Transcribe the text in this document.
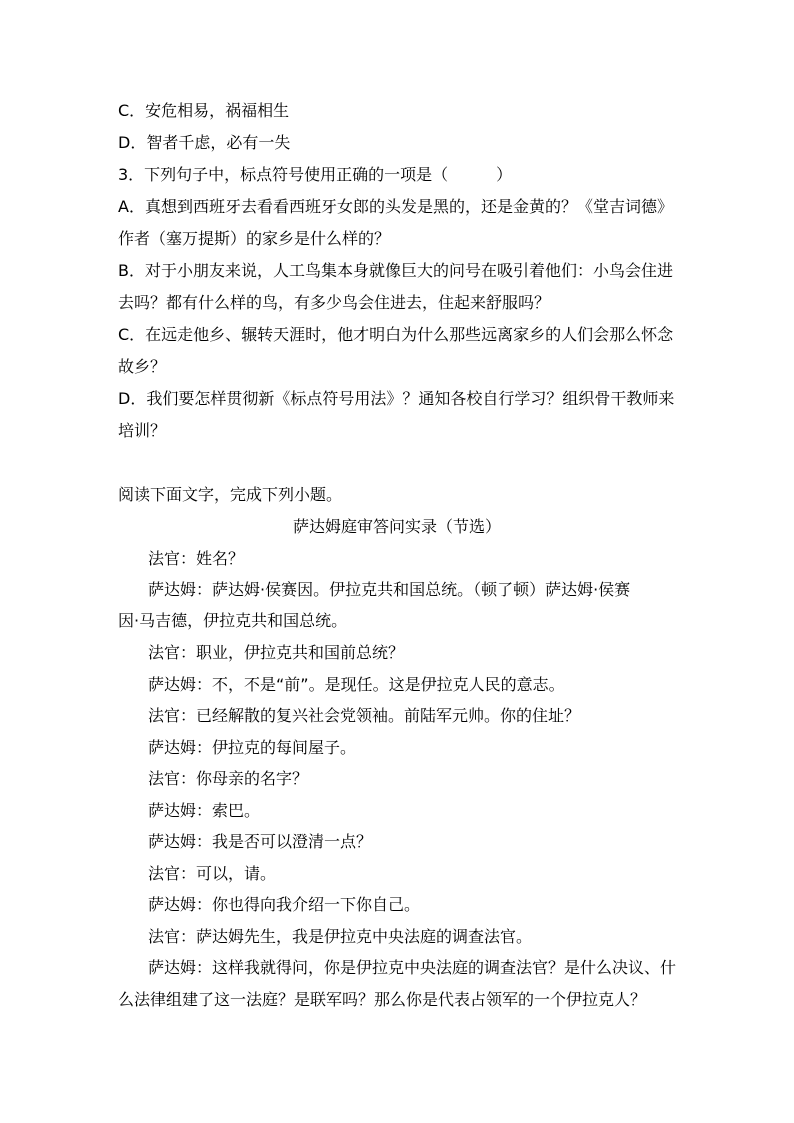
C．安危相易，祸福相生
D．智者千虑，必有一失
3．下列句子中，标点符号使用正确的一项是（　　　）
A．真想到西班牙去看看西班牙女郎的头发是黑的，还是金黄的？《堂吉词德》
作者（塞万提斯）的家乡是什么样的？
B．对于小朋友来说，人工鸟集本身就像巨大的问号在吸引着他们：小鸟会住进
去吗？都有什么样的鸟，有多少鸟会住进去，住起来舒服吗？
C．在远走他乡、辗转天涯时，他才明白为什么那些远离家乡的人们会那么怀念
故乡？
D．我们要怎样贯彻新《标点符号用法》？通知各校自行学习？组织骨干教师来
培训？
阅读下面文字，完成下列小题。
萨达姆庭审答问实录（节选）
法官：姓名？
萨达姆：萨达姆·侯赛因。伊拉克共和国总统。（顿了顿）萨达姆·侯赛
因·马吉德，伊拉克共和国总统。
法官：职业，伊拉克共和国前总统？
萨达姆：不，不是“前”。是现任。这是伊拉克人民的意志。
法官：已经解散的复兴社会党领袖。前陆军元帅。你的住址？
萨达姆：伊拉克的每间屋子。
法官：你母亲的名字？
萨达姆：索巴。
萨达姆：我是否可以澄清一点？
法官：可以，请。
萨达姆：你也得向我介绍一下你自己。
法官：萨达姆先生，我是伊拉克中央法庭的调查法官。
萨达姆：这样我就得问，你是伊拉克中央法庭的调查法官？是什么决议、什
么法律组建了这一法庭？是联军吗？那么你是代表占领军的一个伊拉克人？
